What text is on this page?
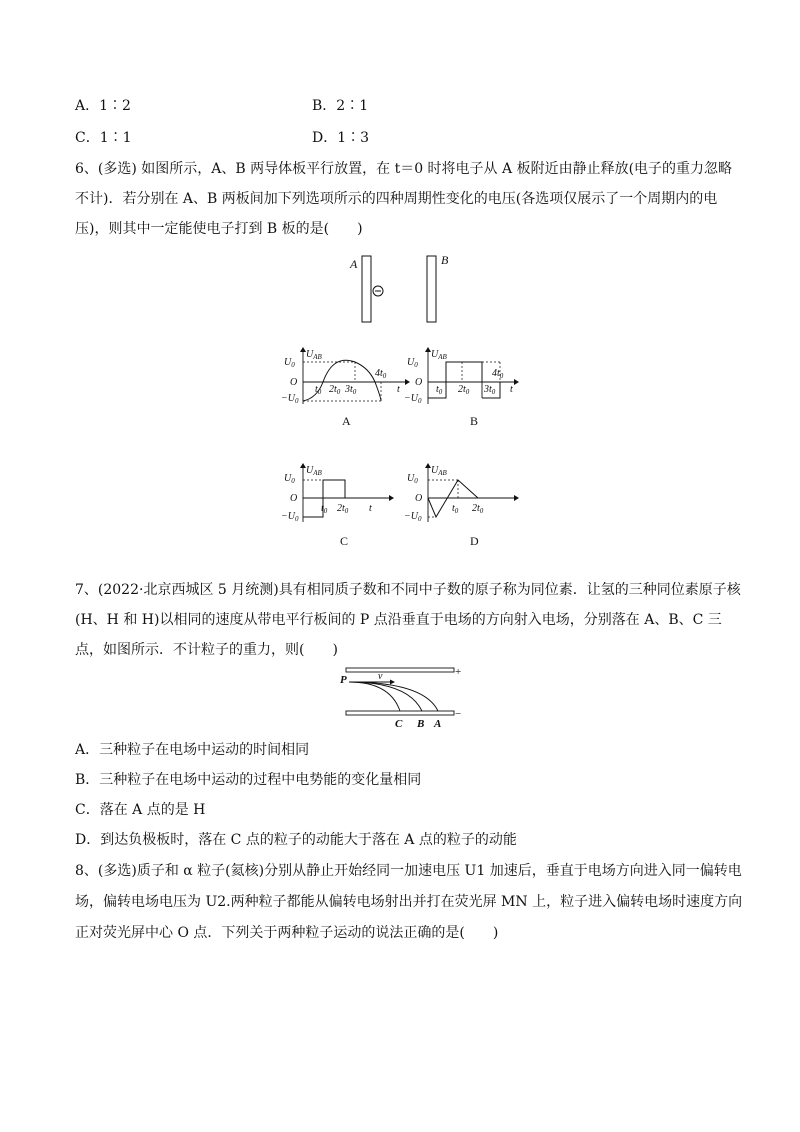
A．1∶2	B．2∶1
C．1∶1	D．1∶3
6、(多选) 如图所示，A、B 两导体板平行放置，在 t＝0 时将电子从 A 板附近由静止释放(电子的重力忽略
不计)．若分别在 A、B 两板间加下列选项所示的四种周期性变化的电压(各选项仅展示了一个周期内的电
压)，则其中一定能使电子打到 B 板的是(　　)
A	B
$U_{AB}$
$U_0$
O
$-U_0$
$t_0$ $2t_0$ $3t_0$
$4t_0$
t
A
$U_{AB}$
$U_0$
O
$-U_0$
$t_0$ $2t_0$ $3t_0$
$4t_0$
t
B
$U_{AB}$
$U_0$
O
$-U_0$
$t_0$ $2t_0$ t
C
$U_{AB}$
$U_0$
O
$-U_0$
$t_0$ $2t_0$
D
7、(2022·北京西城区 5 月统测)具有相同质子数和不同中子数的原子称为同位素．让氢的三种同位素原子核
(H、H 和 H)以相同的速度从带电平行板间的 P 点沿垂直于电场的方向射入电场，分别落在 A、B、C 三
点，如图所示．不计粒子的重力，则(　　)
+
−
P	v
C B A
A．三种粒子在电场中运动的时间相同
B．三种粒子在电场中运动的过程中电势能的变化量相同
C．落在 A 点的是 H
D．到达负极板时，落在 C 点的粒子的动能大于落在 A 点的粒子的动能
8、(多选)质子和 α 粒子(氦核)分别从静止开始经同一加速电压 U1 加速后，垂直于电场方向进入同一偏转电
场，偏转电场电压为 U2.两种粒子都能从偏转电场射出并打在荧光屏 MN 上，粒子进入偏转电场时速度方向
正对荧光屏中心 O 点．下列关于两种粒子运动的说法正确的是(　　)
